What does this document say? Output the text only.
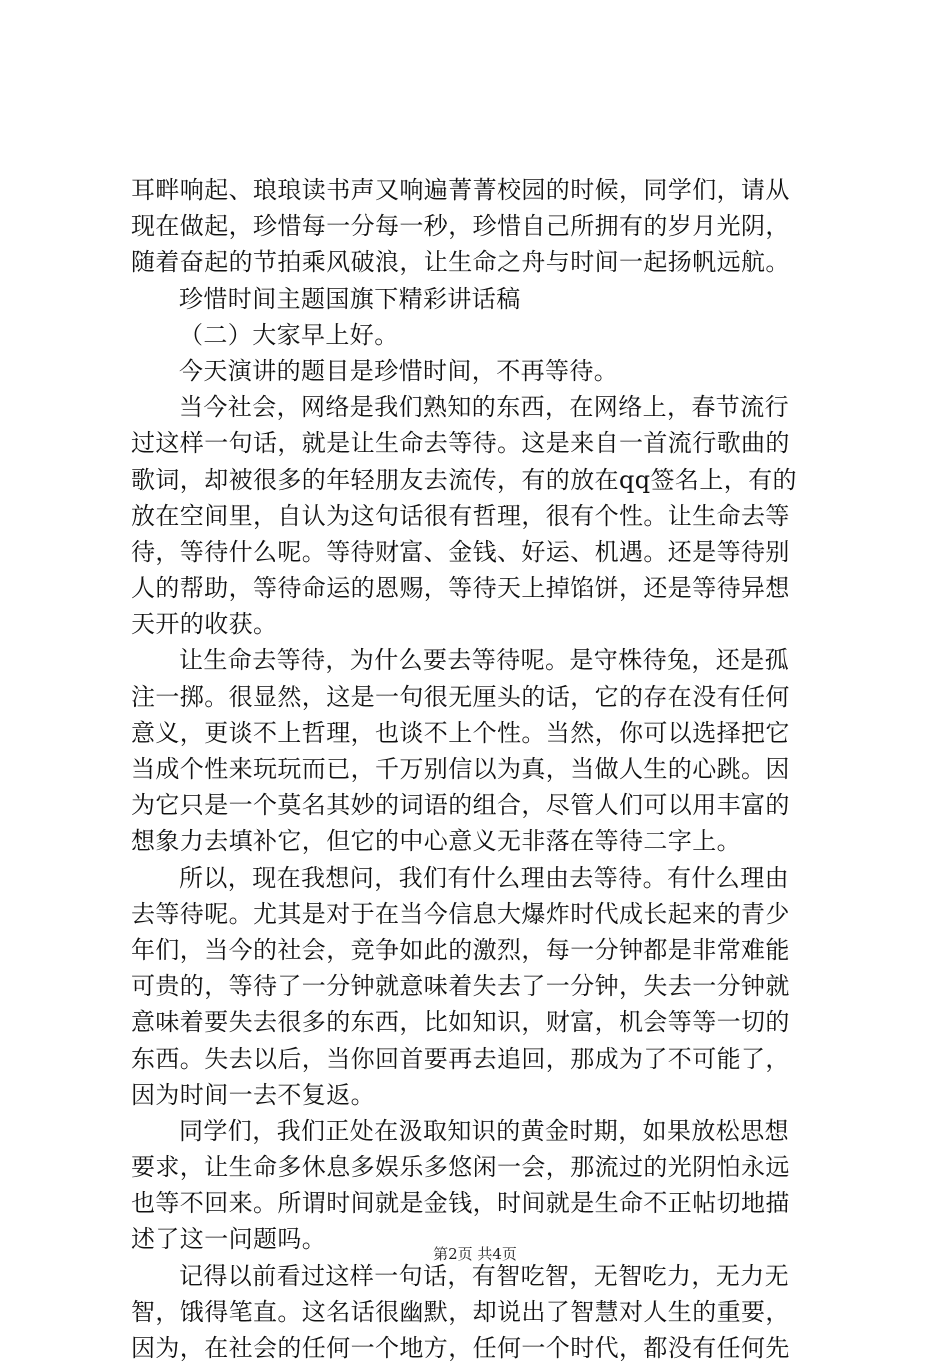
耳畔响起、琅琅读书声又响遍菁菁校园的时候，同学们，请从
现在做起，珍惜每一分每一秒，珍惜自己所拥有的岁月光阴，
随着奋起的节拍乘风破浪，让生命之舟与时间一起扬帆远航。
珍惜时间主题国旗下精彩讲话稿
（二）大家早上好。
今天演讲的题目是珍惜时间，不再等待。
当今社会，网络是我们熟知的东西，在网络上，春节流行
过这样一句话，就是让生命去等待。这是来自一首流行歌曲的
歌词，却被很多的年轻朋友去流传，有的放在qq签名上，有的
放在空间里，自认为这句话很有哲理，很有个性。让生命去等
待，等待什么呢。等待财富、金钱、好运、机遇。还是等待别
人的帮助，等待命运的恩赐，等待天上掉馅饼，还是等待异想
天开的收获。
让生命去等待，为什么要去等待呢。是守株待兔，还是孤
注一掷。很显然，这是一句很无厘头的话，它的存在没有任何
意义，更谈不上哲理，也谈不上个性。当然，你可以选择把它
当成个性来玩玩而已，千万别信以为真，当做人生的心跳。因
为它只是一个莫名其妙的词语的组合，尽管人们可以用丰富的
想象力去填补它，但它的中心意义无非落在等待二字上。
所以，现在我想问，我们有什么理由去等待。有什么理由
去等待呢。尤其是对于在当今信息大爆炸时代成长起来的青少
年们，当今的社会，竞争如此的激烈，每一分钟都是非常难能
可贵的，等待了一分钟就意味着失去了一分钟，失去一分钟就
意味着要失去很多的东西，比如知识，财富，机会等等一切的
东西。失去以后，当你回首要再去追回，那成为了不可能了，
因为时间一去不复返。
同学们，我们正处在汲取知识的黄金时期，如果放松思想
要求，让生命多休息多娱乐多悠闲一会，那流过的光阴怕永远
也等不回来。所谓时间就是金钱，时间就是生命不正帖切地描
述了这一问题吗。
记得以前看过这样一句话，有智吃智，无智吃力，无力无
智，饿得笔直。这名话很幽默，却说出了智慧对人生的重要，
因为，在社会的任何一个地方，任何一个时代，都没有任何先
第2页 共4页
